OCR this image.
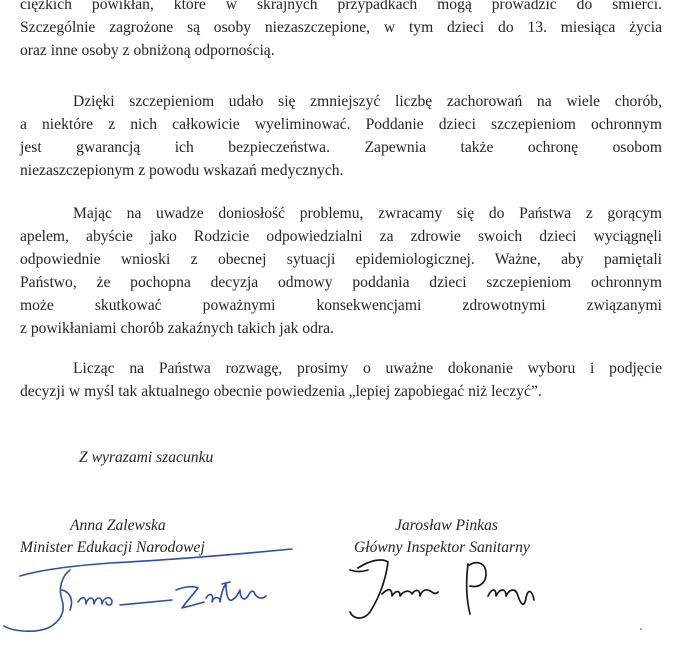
ciężkich powikłań, które w skrajnych przypadkach mogą prowadzić do śmierci.
Szczególnie zagrożone są osoby niezaszczepione, w tym dzieci do 13. miesiąca życia
oraz inne osoby z obniżoną odpornością.
Dzięki szczepieniom udało się zmniejszyć liczbę zachorowań na wiele chorób,
a niektóre z nich całkowicie wyeliminować. Poddanie dzieci szczepieniom ochronnym
jest gwarancją ich bezpieczeństwa. Zapewnia także ochronę osobom
niezaszczepionym z powodu wskazań medycznych.
Mając na uwadze doniosłość problemu, zwracamy się do Państwa z gorącym
apelem, abyście jako Rodzicie odpowiedzialni za zdrowie swoich dzieci wyciągnęli
odpowiednie wnioski z obecnej sytuacji epidemiologicznej. Ważne, aby pamiętali
Państwo, że pochopna decyzja odmowy poddania dzieci szczepieniom ochronnym
może skutkować poważnymi konsekwencjami zdrowotnymi związanymi
z powikłaniami chorób zakaźnych takich jak odra.
Licząc na Państwa rozwagę, prosimy o uważne dokonanie wyboru i podjęcie
decyzji w myśl tak aktualnego obecnie powiedzenia „lepiej zapobiegać niż leczyć”.

Z wyrazami szacunku

Anna Zalewska

Minister Edukacji Narodowej

Jarosław Pinkas

Główny Inspektor Sanitarny
